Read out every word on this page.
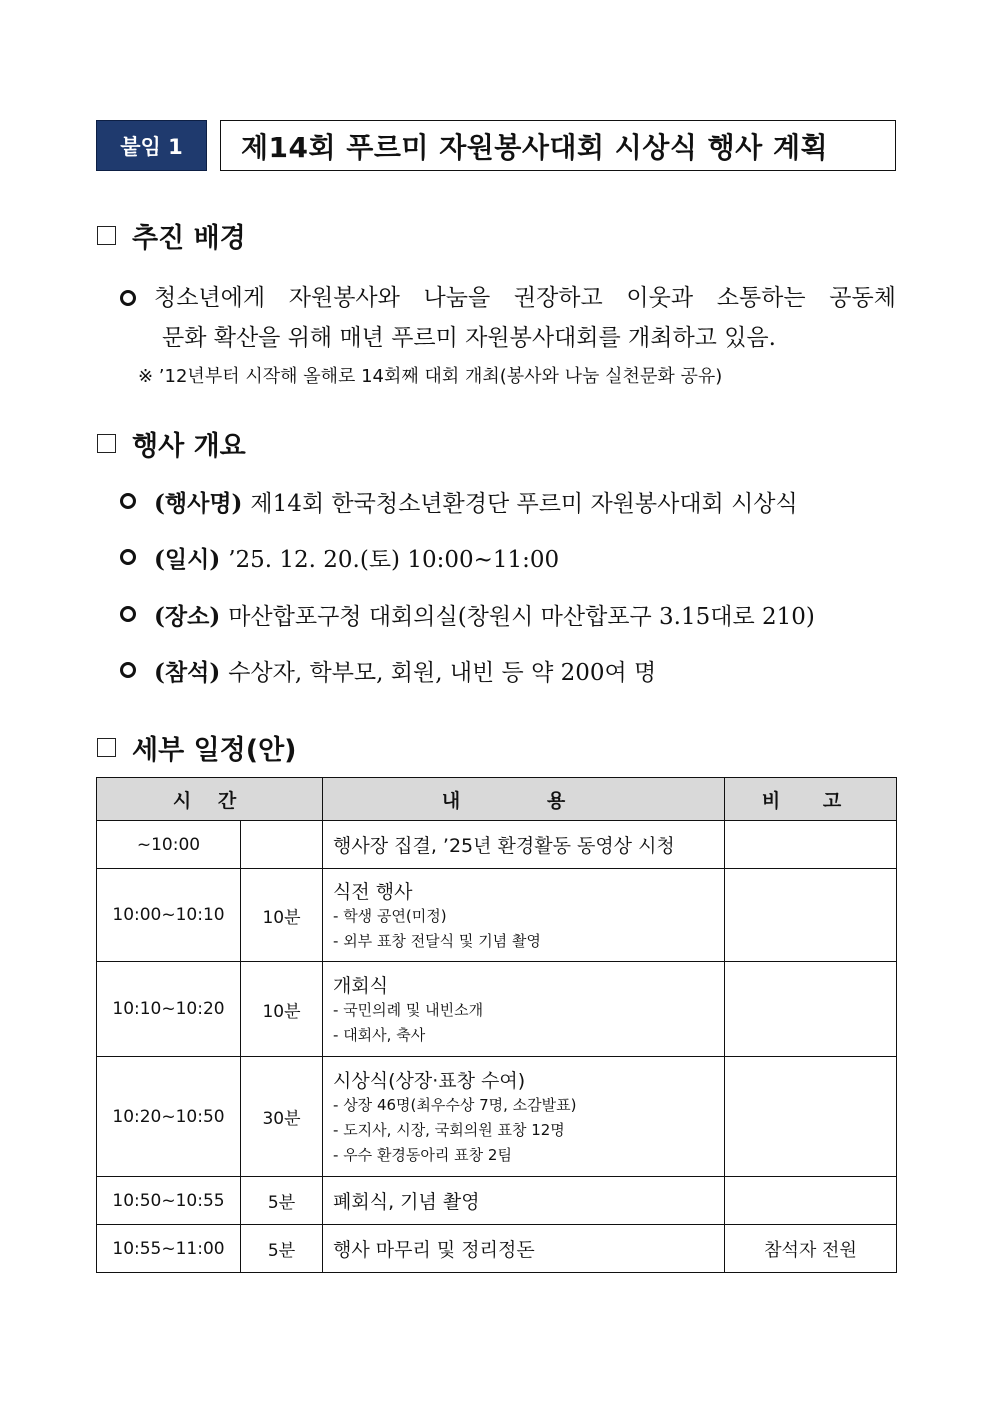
붙임 1	제14회 푸르미 자원봉사대회 시상식 행사 계획
추진 배경
청소년에게 자원봉사와 나눔을 권장하고 이웃과 소통하는 공동체
문화 확산을 위해 매년 푸르미 자원봉사대회를 개최하고 있음.
※ ’12년부터 시작해 올해로 14회째 대회 개최(봉사와 나눔 실천문화 공유)
행사 개요
(행사명) 제14회 한국청소년환경단 푸르미 자원봉사대회 시상식
(일시) ’25. 12. 20.(토) 10:00~11:00
(장소) 마산합포구청 대회의실(창원시 마산합포구 3.15대로 210)
(참석) 수상자, 학부모, 회원, 내빈 등 약 200여 명
세부 일정(안)
시 간		내 용	비 고
~10:00		행사장 집결, ’25년 환경활동 동영상 시청	

10:00~10:10	10분	식전 행사
- 학생 공연(미정)
- 외부 표창 전달식 및 기념 촬영	

10:10~10:20	10분	개회식
- 국민의례 및 내빈소개
- 대회사, 축사	

10:20~10:50	30분	시상식(상장·표창 수여)
- 상장 46명(최우수상 7명, 소감발표)
- 도지사, 시장, 국회의원 표창 12명
- 우수 환경동아리 표창 2팀	

10:50~10:55	5분	폐회식, 기념 촬영	

10:55~11:00	5분	행사 마무리 및 정리정돈	참석자 전원
